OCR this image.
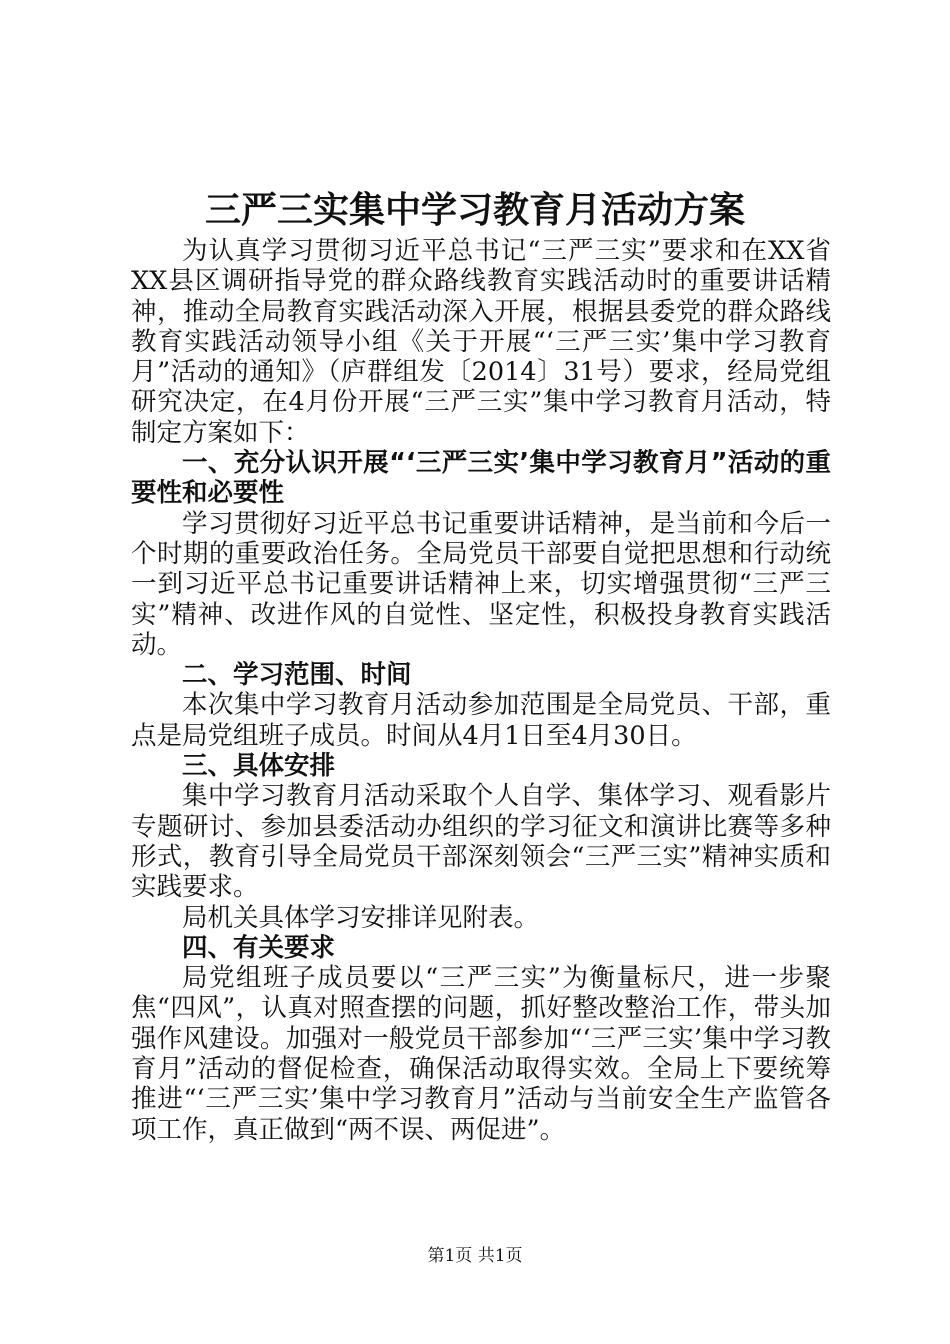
三严三实集中学习教育月活动方案

为认真学习贯彻习近平总书记“三严三实”要求和在XX省XX县区调研指导党的群众路线教育实践活动时的重要讲话精神，推动全局教育实践活动深入开展，根据县委党的群众路线教育实践活动领导小组《关于开展“‘三严三实’集中学习教育月”活动的通知》（庐群组发〔2014〕31号）要求，经局党组研究决定，在4月份开展“三严三实”集中学习教育月活动，特制定方案如下：

一、充分认识开展“‘三严三实’集中学习教育月”活动的重要性和必要性

学习贯彻好习近平总书记重要讲话精神，是当前和今后一个时期的重要政治任务。全局党员干部要自觉把思想和行动统一到习近平总书记重要讲话精神上来，切实增强贯彻“三严三实”精神、改进作风的自觉性、坚定性，积极投身教育实践活动。

二、学习范围、时间

本次集中学习教育月活动参加范围是全局党员、干部，重点是局党组班子成员。时间从4月1日至4月30日。

三、具体安排

集中学习教育月活动采取个人自学、集体学习、观看影片专题研讨、参加县委活动办组织的学习征文和演讲比赛等多种形式，教育引导全局党员干部深刻领会“三严三实”精神实质和实践要求。

局机关具体学习安排详见附表。

四、有关要求

局党组班子成员要以“三严三实”为衡量标尺，进一步聚焦“四风”，认真对照查摆的问题，抓好整改整治工作，带头加强作风建设。加强对一般党员干部参加“‘三严三实’集中学习教育月”活动的督促检查，确保活动取得实效。全局上下要统筹推进“‘三严三实’集中学习教育月”活动与当前安全生产监管各项工作，真正做到“两不误、两促进”。

第1页 共1页
